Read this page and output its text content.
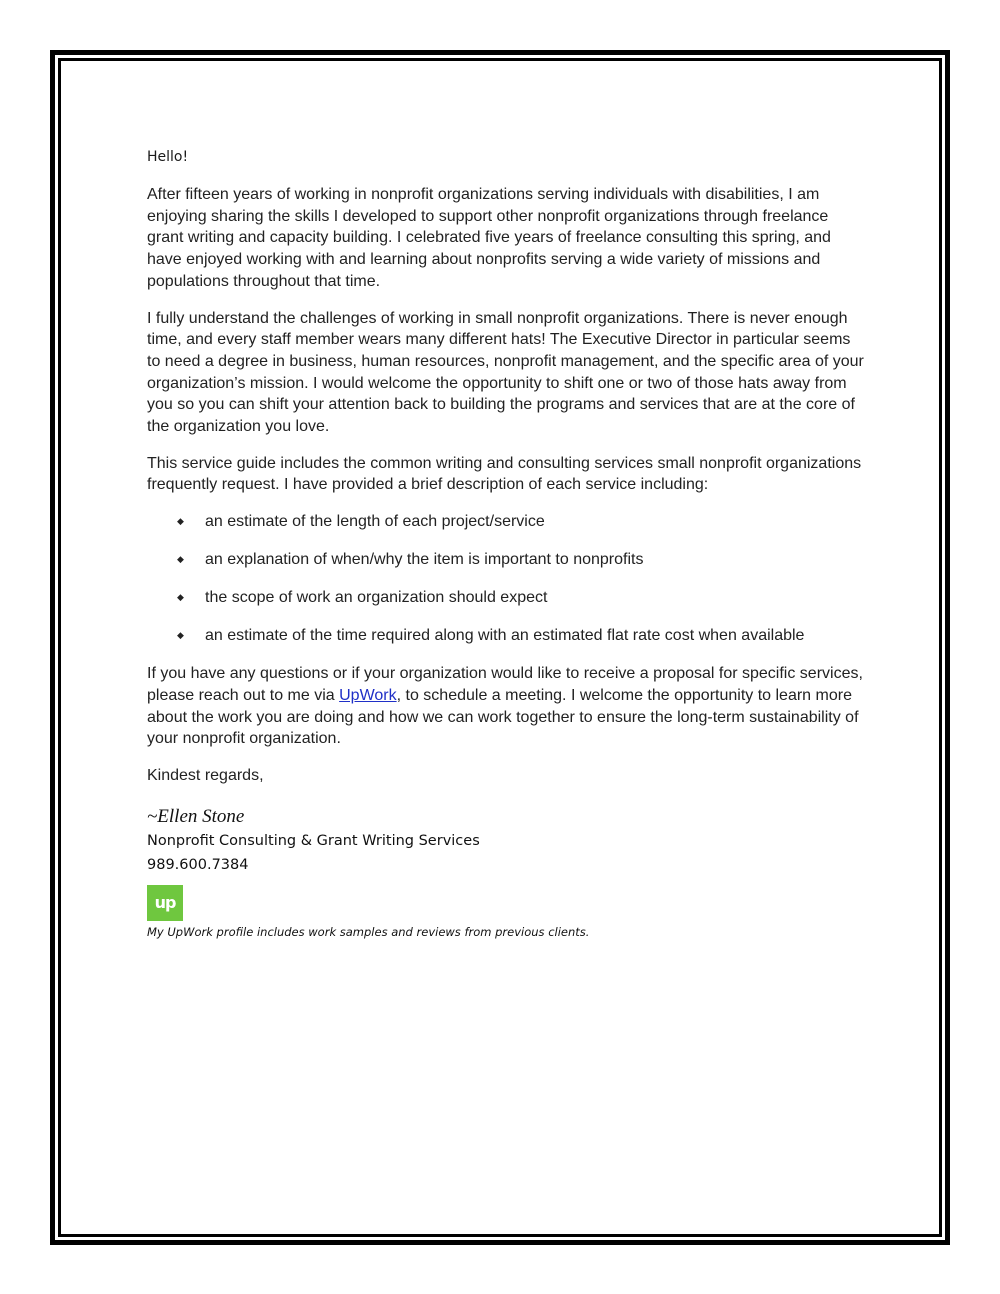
Hello!

After fifteen years of working in nonprofit organizations serving individuals with disabilities, I am enjoying sharing the skills I developed to support other nonprofit organizations through freelance grant writing and capacity building. I celebrated five years of freelance consulting this spring, and have enjoyed working with and learning about nonprofits serving a wide variety of missions and populations throughout that time.

I fully understand the challenges of working in small nonprofit organizations. There is never enough time, and every staff member wears many different hats! The Executive Director in particular seems to need a degree in business, human resources, nonprofit management, and the specific area of your organization’s mission. I would welcome the opportunity to shift one or two of those hats away from you so you can shift your attention back to building the programs and services that are at the core of the organization you love.

This service guide includes the common writing and consulting services small nonprofit organizations frequently request. I have provided a brief description of each service including:

◆ an estimate of the length of each project/service
◆ an explanation of when/why the item is important to nonprofits
◆ the scope of work an organization should expect
◆ an estimate of the time required along with an estimated flat rate cost when available

If you have any questions or if your organization would like to receive a proposal for specific services, please reach out to me via UpWork, to schedule a meeting. I welcome the opportunity to learn more about the work you are doing and how we can work together to ensure the long-term sustainability of your nonprofit organization.

Kindest regards,

~Ellen Stone

Nonprofit Consulting & Grant Writing Services

989.600.7384

up

My UpWork profile includes work samples and reviews from previous clients.
